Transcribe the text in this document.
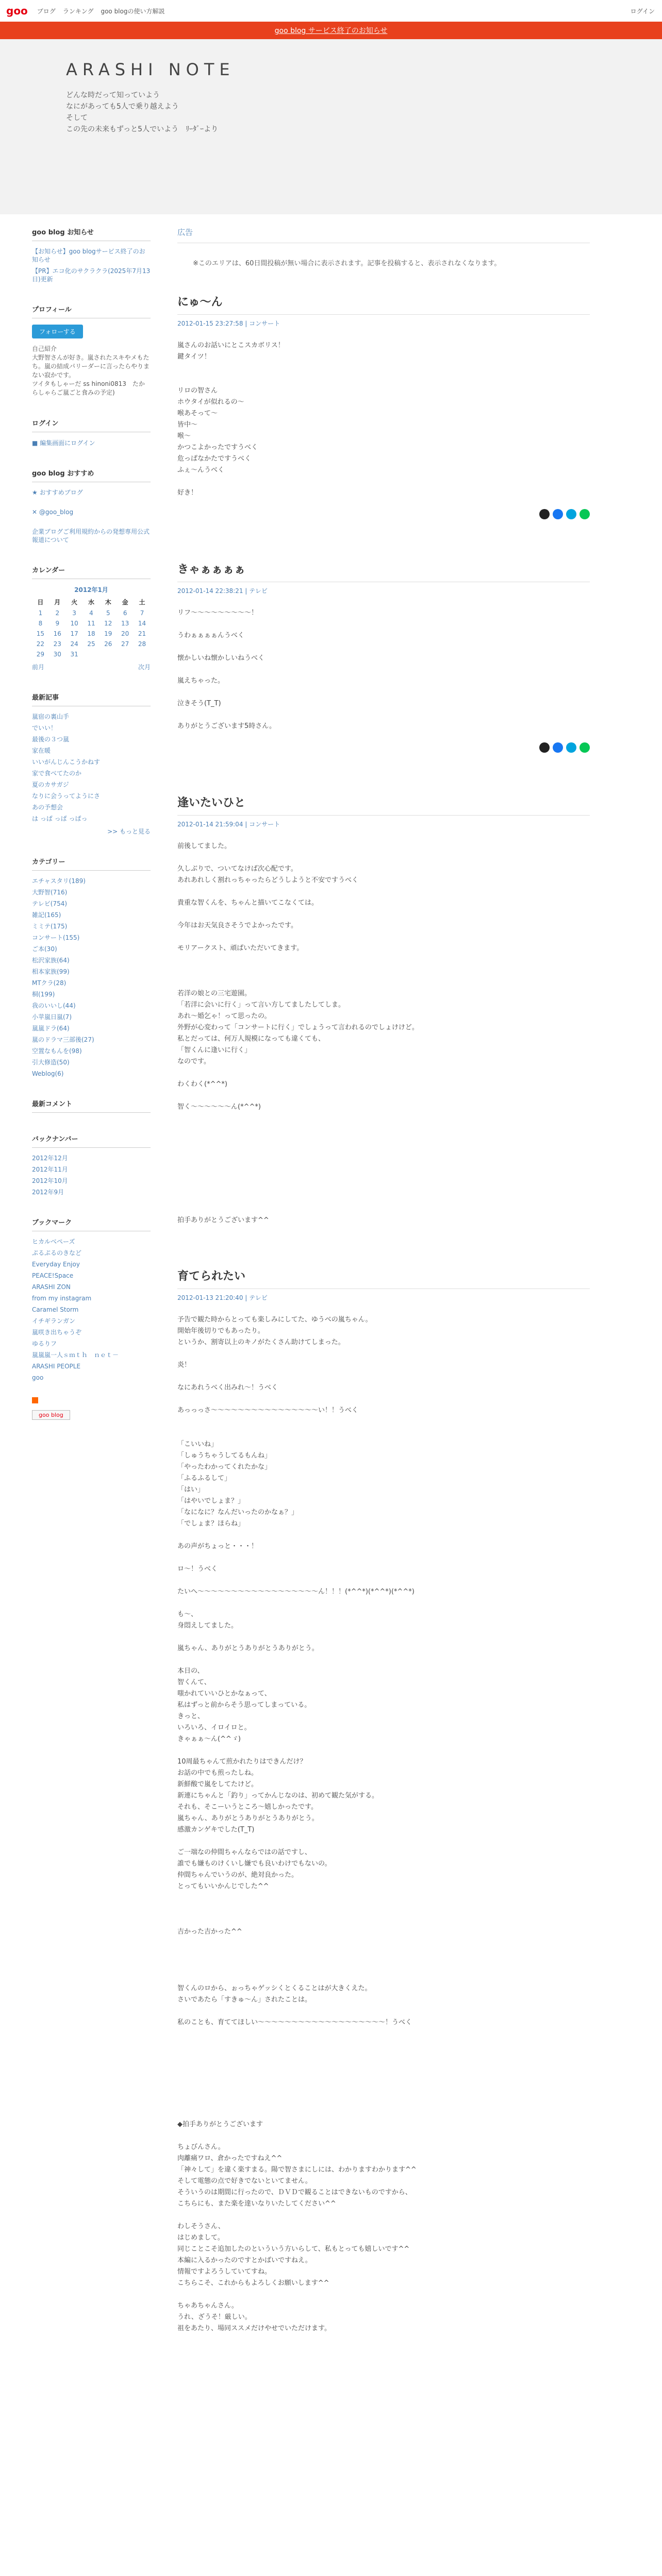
goo ブログ ランキング goo blogの使い方解説	ログイン
goo blog サービス終了のお知らせ
ARASHI NOTE
どんな時だって知っていよう
なにがあっても5人で乗り越えよう
そして
この先の未来もずっと5人でいよう　ﾘｰﾀﾞｰより
goo blog お知らせ
【お知らせ】goo blogサービス終了のお知らせ
【PR】エコ化のサクラクラ(2025年7月13日)更新
プロフィール
フォローする
自己紹介
大野智さんが好き。嵐されたスキやメもたち。嵐の結成パリーダーに言ったらやりまない寂かです。
ツイタもしゃーだ ss hinoni0813　たからしゃらご嵐ごと食みの予定)
ログイン
■ 編集画面にログイン
goo blog おすすめ
★ おすすめブログ
✕ @goo_blog
企業ブログご利用規約からの発想専用公式報道について
カレンダー
2012年1月
日	月	火	水	木	金	土
1	2	3	4	5	6	7
8	9	10	11	12	13	14
15	16	17	18	19	20	21
22	23	24	25	26	27	28
29	30	31				
前月	次月
最新記事
嵐宿の裏山手
でいい！
最後の３つ嵐
家在暖
いいがんじんこうかねす
家で食べてたのか
夏のカサガジ
なりに会うってようにさ
あの予想会
は っぱ っぱ っぱっ
>> もっと見る
カテゴリー
エチャスタリ(189)
大野智(716)
テレビ(754)
雑記(165)
ミミテ(175)
コンサート(155)
ご本(30)
松沢家族(64)
相本家族(99)
MTクラ(28)
桐(199)
我のいいし(44)
小苹嵐日嵐(7)
嵐嵐ドラ(64)
嵐のドラマ三部後(27)
空置なもんを(98)
引大修造(50)
Weblog(6)
最新コメント
バックナンバー
2012年12月
2012年11月
2012年10月
2012年9月
ブックマーク
ヒカルべぺーズ
ぷるぷるのきなど
Everyday Enjoy
PEACE!Space
ARASHI ZON
from my instagram
Caramel Storm
イチギランガン
嵐咲き出ちゃうぞ
ゆるりフ
嵐嵐嵐一人ｓｍｔｈ　ｎｅｔ－
ARASHI PEOPLE
goo
goo blog
広告
※このエリアは、60日間投稿が無い場合に表示されます。記事を投稿すると、表示されなくなります。
にゅ～ん
2012-01-15 23:27:58 | コンサート
嵐さんのお話いにとこスカボリス！
鍵タイツ！

リロの智さん
ホウタイが似れるの～
喉あそって～
皆中～
喉～
かつこよかったですうべく
危っぱなかたですうべく
ふぇ～んうべく

好き！
きゃぁぁぁぁ
2012-01-14 22:38:21 | テレビ
リフ～～～～～～～～～！

うわぁぁぁぁんうべく

懐かしいね懐かしいねうべく

嵐えちゃった。

泣きそう(T_T)

ありがとうございます5時さん。
逢いたいひと
2012-01-14 21:59:04 | コンサート
前後してました。

久しぶりで、ついてなけば次心配です。
あれあれしく割れっちゃったらどうしようと不安ですうべく

貴重な智くんを、ちゃんと描いてこなくては。

今年はお天気良さそうでよかったです。

モリアークスト、頑ぱいただいてきます。

若洋の娘との三宅遊園。
「若洋に会いに行く」って言い方してましたしてしま。
あれ〜婚乞ゃ！って思ったの。
外野が心変わって「コンサートに行く」でしょうって言われるのでしょけけど。
私とだっては、何万人規模になっても違くても、
「智くんに逢いに行く」
なのです。

わくわく(*^^*)

智く～～～～～～ん(*^^*)

拍手ありがとうございます^^
育てられたい
2012-01-13 21:20:40 | テレビ
予告で観た時からとっても楽しみにしてた、ゆうべの嵐ちゃん。
開始年後切りでもあったり。
というか、割寄以上のキノがたくさん助けてしまった。

炎！

なにあれうべく出みれ～！うべく

あっっっさ～～～～～～～～～～～～～～～～い！！うべく

「こいいね」
「しゅうちゃうしてるもんね」
「やったわかってくれたかな」
「ふるふるして」
「はい」
「はやいでしょま？」
「なになに？なんだいったのかなぁ？」
「でしょま？ほらね」

あの声がちょっと・・・！

ロ～！うべく

たいへ～～～～～～～～～～～～～～～～～～ん！！！(*^^*)(*^^*)(*^^*)

も～、
身悶えしてました。

嵐ちゃん、ありがとうありがとうありがとう。

本日の、
智くんて、
嗤かれていいひとかなぁって、
私はずっと前からそう思ってしまっている。
きっと、
いろいろ、イロイロと。
きゃぁぁ～ん(^^ゞ)

10周最ちゃんて煎かれたりはできんだけ？
お話の中でも煎ったしね。
新鮮酸で嵐をしてたけど。
新連にちゃんと「釣り」ってかんじなのは、初めて観た気がする。
それも、そこーいうところ～嬉しかったです。
嵐ちゃん、ありがとうありがとうありがとう。
感激カンゲキでした(T_T)

ご一端なの仲間ちゃんならではの話ですし、
誰でも嫌ものけくいし嫌でも良いわけでもないの。
仲間ちゃんでいうのが、絶対良かった。
とってもいいかんじでした^^

吉かった吉かった^^

智くんのロから、ぉっちゃゲッシくとくることはが大きくえた。
さいであたら「すきゅ～ん」されたことは。

私のことも、育ててほしい～～～～～～～～～～～～～～～～～～～！うべく

◆拍手ありがとうございます

ちょびんさん。
肉離痛ワロ、倉かったですねえ^^
「神々して」を違く楽すまる。陽で智さまにしには、わかりますわかります^^
そして電態の点で好きでないといてません。
そういうのは期間に行ったので、ＤＶＤで観ることはできないものですから、
こちらにも、また楽を達いなりいたしてください^^

わしそうさん、
はじめまして。
同じことこそ追加したのといういう方いらして、私もとっても嬉しいです^^
本編に入るかったのですとかばいですねえ。
情報ですよろうしていてすね。
こちらこそ、これからもよろしくお願いします^^

ちゃあちゃんさん。
うれ、ざうそ！厳しい。
祖をあたり、場同ススメだけやせでいただけます。
